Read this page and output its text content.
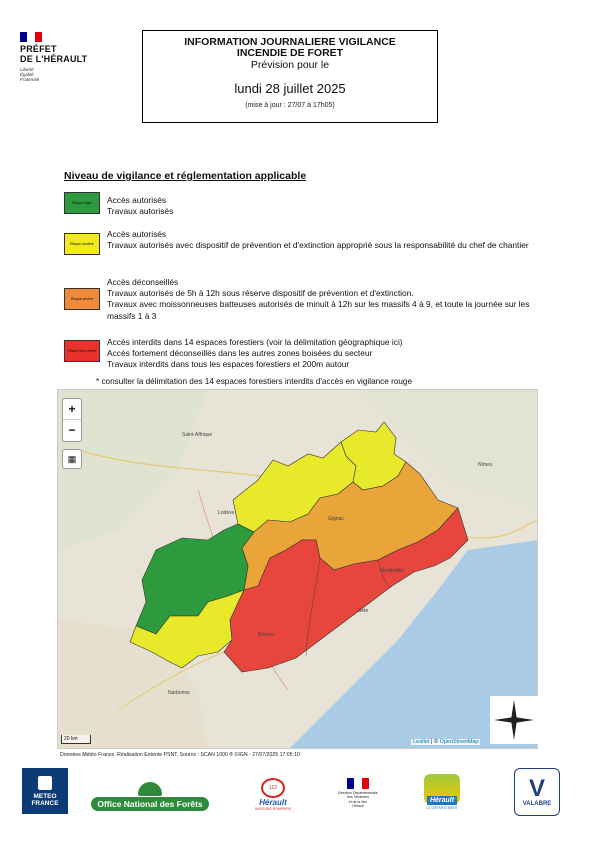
PRÉFET
DE L'HÉRAULT
Liberté
Égalité
Fraternité
INFORMATION JOURNALIERE VIGILANCE
INCENDIE DE FORET
Prévision pour le
lundi 28 juillet 2025
(mise à jour : 27/07 à 17h05)
Niveau de vigilance et réglementation applicable
Risque léger Accès autorisés
Travaux autorisés
Risque modéré
Accès autorisés
Travaux autorisés avec dispositif de prévention et d'extinction approprié sous la responsabilité du chef de chantier
Risque sévère
Accès déconseillés
Travaux autorisés de 5h à 12h sous réserve dispositif de prévention et d'extinction.
Travaux avec moissonneuses batteuses autorisés de minuit à 12h sur les massifs 4 à 9, et toute la journée sur les massifs 1 à 3
Risque très sévère
Accès interdits dans 14 espaces forestiers (voir la délimitation géographique ici)
Accès fortement déconseillés dans les autres zones boisées du secteur
Travaux interdits dans tous les espaces forestiers et 200m autour
* consulter la délimitation des 14 espaces forestiers interdits d'accès en vigilance rouge
Saint-Affrique
Lodève
Montpellier
Béziers
Sète
Narbonne
Nîmes
Gignac
+
−
▦
20 km	Leaflet | © OpenStreetMap
Données Météo France. Réalisation Entente PSNT. Source : SCAN 1000 ® ©IGN - 27/07/2025 17:05:10
METEO
FRANCE	Office National des Forêts
112
Hérault
SAPEURS-POMPIERS
Direction Départementale
des Territoires
et de la Mer
Hérault
Hérault
LE DÉPARTEMENT
V
VALABRE
